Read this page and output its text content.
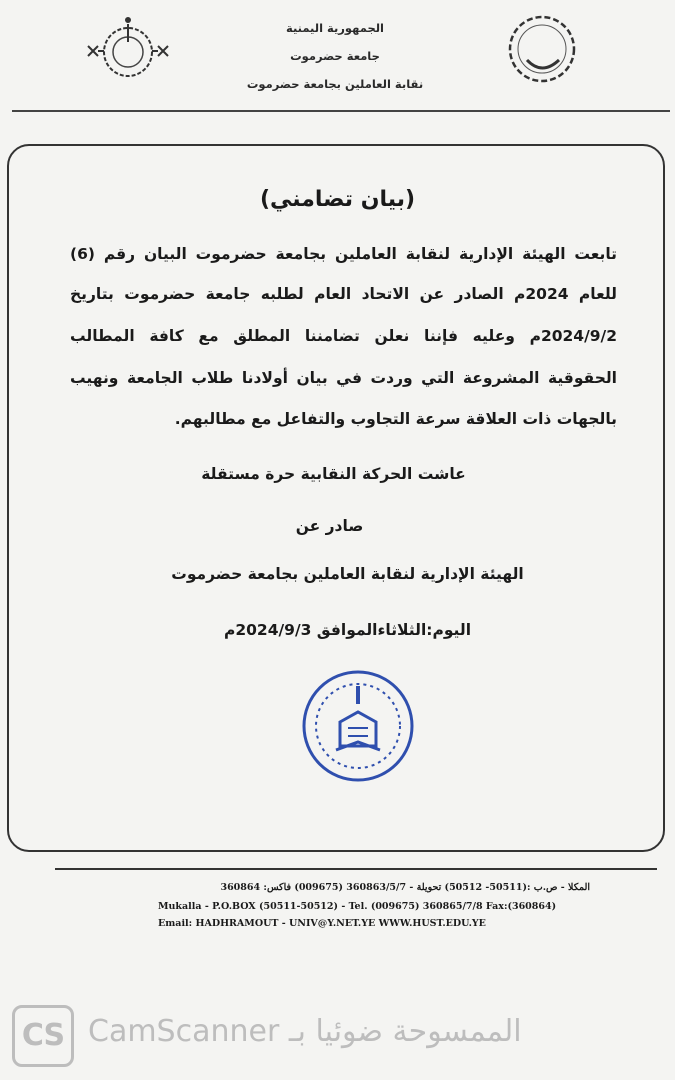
الجمهورية اليمنية
جامعة حضرموت
نقابة العاملين بجامعة حضرموت
(بيان تضامني)
تابعت الهيئة الإدارية لنقابة العاملين بجامعة حضرموت البيان رقم (6)
للعام 2024م الصادر عن الاتحاد العام لطلبه جامعة حضرموت بتاريخ
2024/9/2م وعليه فإننا نعلن تضامننا المطلق مع كافة المطالب
الحقوقية المشروعة التي وردت في بيان أولادنا طلاب الجامعة ونهيب
بالجهات ذات العلاقة سرعة التجاوب والتفاعل مع مطالبهم.
عاشت الحركة النقابية حرة مستقلة
صادر عن
الهيئة الإدارية لنقابة العاملين بجامعة حضرموت
اليوم:الثلاثاءالموافق 2024/9/3م
المكلا - ص.ب :(50511- 50512) تحويلة - 360863/5/7 (009675) فاكس: 360864
Mukalla - P.O.BOX (50511-50512) - Tel. (009675) 360865/7/8 Fax:(360864)
Email: HADHRAMOUT - UNIV@Y.NET.YE WWW.HUST.EDU.YE
CS الممسوحة ضوئيا بـ CamScanner
